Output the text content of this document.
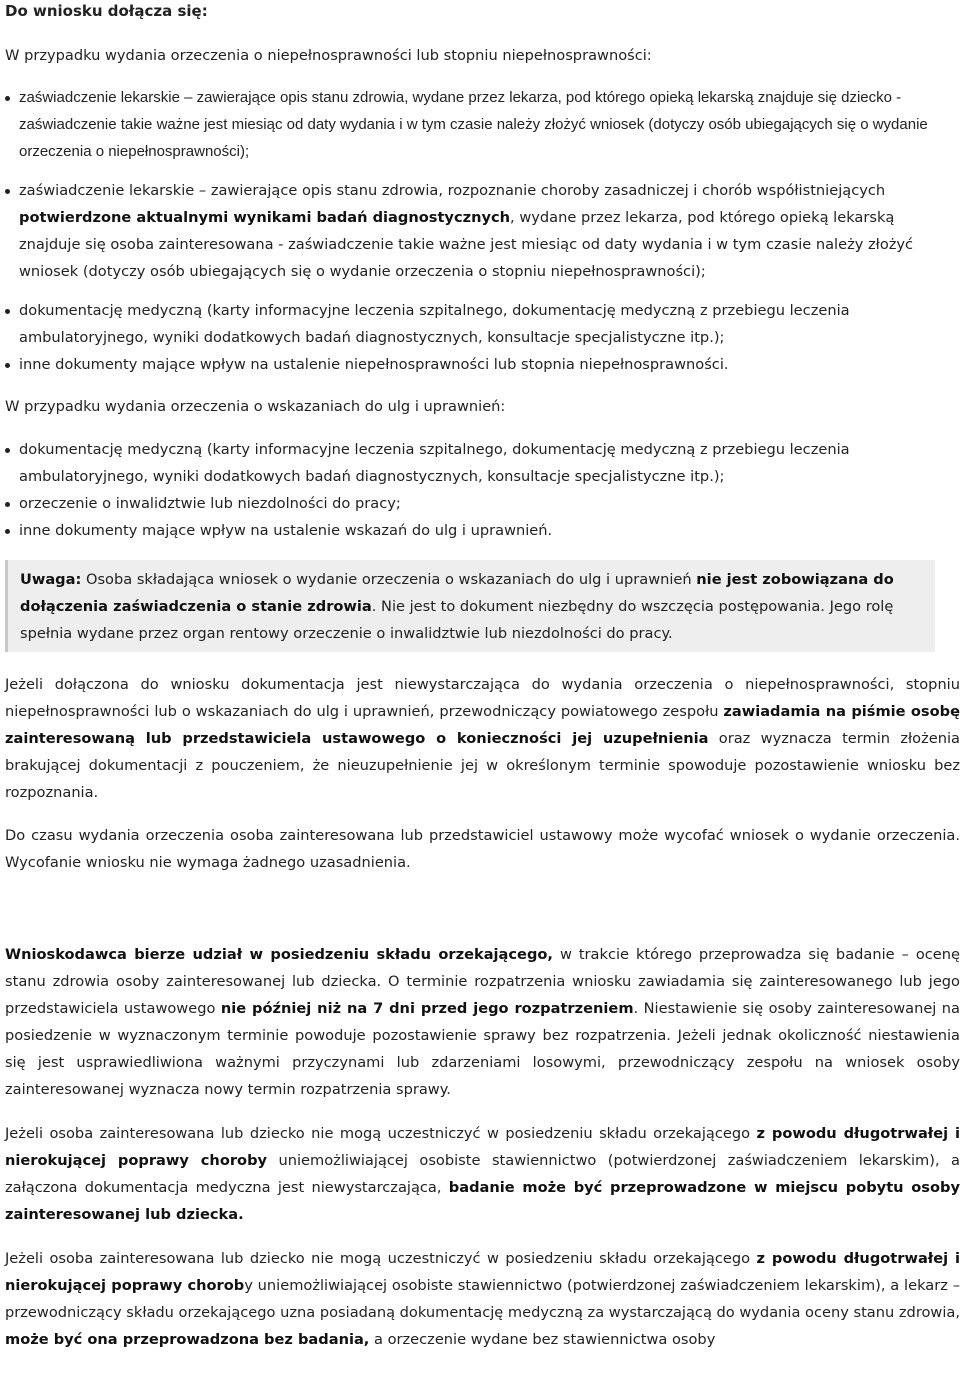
Do wniosku dołącza się:

W przypadku wydania orzeczenia o niepełnosprawności lub stopniu niepełnosprawności:

zaświadczenie lekarskie – zawierające opis stanu zdrowia, wydane przez lekarza, pod którego opieką lekarską znajduje się dziecko - zaświadczenie takie ważne jest miesiąc od daty wydania i w tym czasie należy złożyć wniosek (dotyczy osób ubiegających się o wydanie orzeczenia o niepełnosprawności);
zaświadczenie lekarskie – zawierające opis stanu zdrowia, rozpoznanie choroby zasadniczej i chorób współistniejących potwierdzone aktualnymi wynikami badań diagnostycznych, wydane przez lekarza, pod którego opieką lekarską znajduje się osoba zainteresowana - zaświadczenie takie ważne jest miesiąc od daty wydania i w tym czasie należy złożyć wniosek (dotyczy osób ubiegających się o wydanie orzeczenia o stopniu niepełnosprawności);
dokumentację medyczną (karty informacyjne leczenia szpitalnego, dokumentację medyczną z przebiegu leczenia ambulatoryjnego, wyniki dodatkowych badań diagnostycznych, konsultacje specjalistyczne itp.);
inne dokumenty mające wpływ na ustalenie niepełnosprawności lub stopnia niepełnosprawności.

W przypadku wydania orzeczenia o wskazaniach do ulg i uprawnień:

dokumentację medyczną (karty informacyjne leczenia szpitalnego, dokumentację medyczną z przebiegu leczenia ambulatoryjnego, wyniki dodatkowych badań diagnostycznych, konsultacje specjalistyczne itp.);
orzeczenie o inwalidztwie lub niezdolności do pracy;
inne dokumenty mające wpływ na ustalenie wskazań do ulg i uprawnień.
Uwaga: Osoba składająca wniosek o wydanie orzeczenia o wskazaniach do ulg i uprawnień nie jest zobowiązana do dołączenia zaświadczenia o stanie zdrowia. Nie jest to dokument niezbędny do wszczęcia postępowania. Jego rolę spełnia wydane przez organ rentowy orzeczenie o inwalidztwie lub niezdolności do pracy.

Jeżeli dołączona do wniosku dokumentacja jest niewystarczająca do wydania orzeczenia o niepełnosprawności, stopniu niepełnosprawności lub o wskazaniach do ulg i uprawnień, przewodniczący powiatowego zespołu zawiadamia na piśmie osobę zainteresowaną lub przedstawiciela ustawowego o konieczności jej uzupełnienia oraz wyznacza termin złożenia brakującej dokumentacji z pouczeniem, że nieuzupełnienie jej w określonym terminie spowoduje pozostawienie wniosku bez rozpoznania.

Do czasu wydania orzeczenia osoba zainteresowana lub przedstawiciel ustawowy może wycofać wniosek o wydanie orzeczenia. Wycofanie wniosku nie wymaga żadnego uzasadnienia.

Wnioskodawca bierze udział w posiedzeniu składu orzekającego, w trakcie którego przeprowadza się badanie – ocenę stanu zdrowia osoby zainteresowanej lub dziecka. O terminie rozpatrzenia wniosku zawiadamia się zainteresowanego lub jego przedstawiciela ustawowego nie później niż na 7 dni przed jego rozpatrzeniem. Niestawienie się osoby zainteresowanej na posiedzenie w wyznaczonym terminie powoduje pozostawienie sprawy bez rozpatrzenia. Jeżeli jednak okoliczność niestawienia się jest usprawiedliwiona ważnymi przyczynami lub zdarzeniami losowymi, przewodniczący zespołu na wniosek osoby zainteresowanej wyznacza nowy termin rozpatrzenia sprawy.

Jeżeli osoba zainteresowana lub dziecko nie mogą uczestniczyć w posiedzeniu składu orzekającego z powodu długotrwałej i nierokującej poprawy choroby uniemożliwiającej osobiste stawiennictwo (potwierdzonej zaświadczeniem lekarskim), a załączona dokumentacja medyczna jest niewystarczająca, badanie może być przeprowadzone w miejscu pobytu osoby zainteresowanej lub dziecka.

Jeżeli osoba zainteresowana lub dziecko nie mogą uczestniczyć w posiedzeniu składu orzekającego z powodu długotrwałej i nierokującej poprawy choroby uniemożliwiającej osobiste stawiennictwo (potwierdzonej zaświadczeniem lekarskim), a lekarz – przewodniczący składu orzekającego uzna posiadaną dokumentację medyczną za wystarczającą do wydania oceny stanu zdrowia, może być ona przeprowadzona bez badania, a orzeczenie wydane bez stawiennictwa osoby
